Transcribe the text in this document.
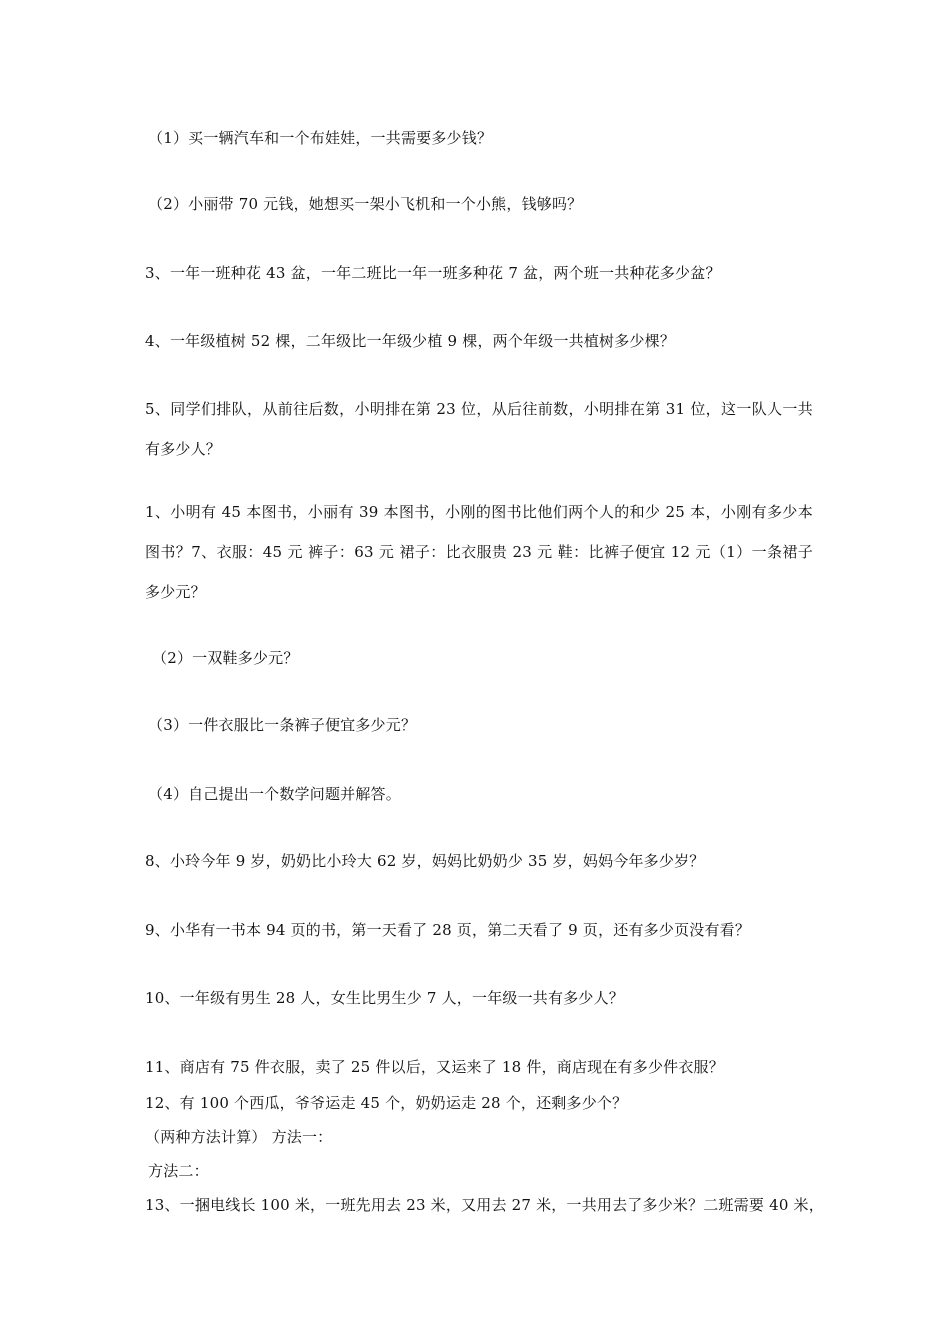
（1）买一辆汽车和一个布娃娃，一共需要多少钱？
（2）小丽带 70 元钱，她想买一架小飞机和一个小熊，钱够吗？
3、一年一班种花 43 盆，一年二班比一年一班多种花 7 盆，两个班一共种花多少盆？
4、一年级植树 52 棵，二年级比一年级少植 9 棵，两个年级一共植树多少棵？
5、同学们排队，从前往后数，小明排在第 23 位，从后往前数，小明排在第 31 位，这一队人一共有多少人？
1、小明有 45 本图书，小丽有 39 本图书，小刚的图书比他们两个人的和少 25 本，小刚有多少本图书？7、衣服：45 元 裤子：63 元 裙子：比衣服贵 23 元 鞋：比裤子便宜 12 元（1）一条裙子多少元？
（2）一双鞋多少元？
（3）一件衣服比一条裤子便宜多少元？
（4）自己提出一个数学问题并解答。
8、小玲今年 9 岁，奶奶比小玲大 62 岁，妈妈比奶奶少 35 岁，妈妈今年多少岁？
9、小华有一书本 94 页的书，第一天看了 28 页，第二天看了 9 页，还有多少页没有看？
10、一年级有男生 28 人，女生比男生少 7 人，一年级一共有多少人？
11、商店有 75 件衣服，卖了 25 件以后，又运来了 18 件，商店现在有多少件衣服？
12、有 100 个西瓜，爷爷运走 45 个，奶奶运走 28 个，还剩多少个？
（两种方法计算） 方法一：
方法二：
13、一捆电线长 100 米，一班先用去 23 米，又用去 27 米，一共用去了多少米？二班需要 40 米，
